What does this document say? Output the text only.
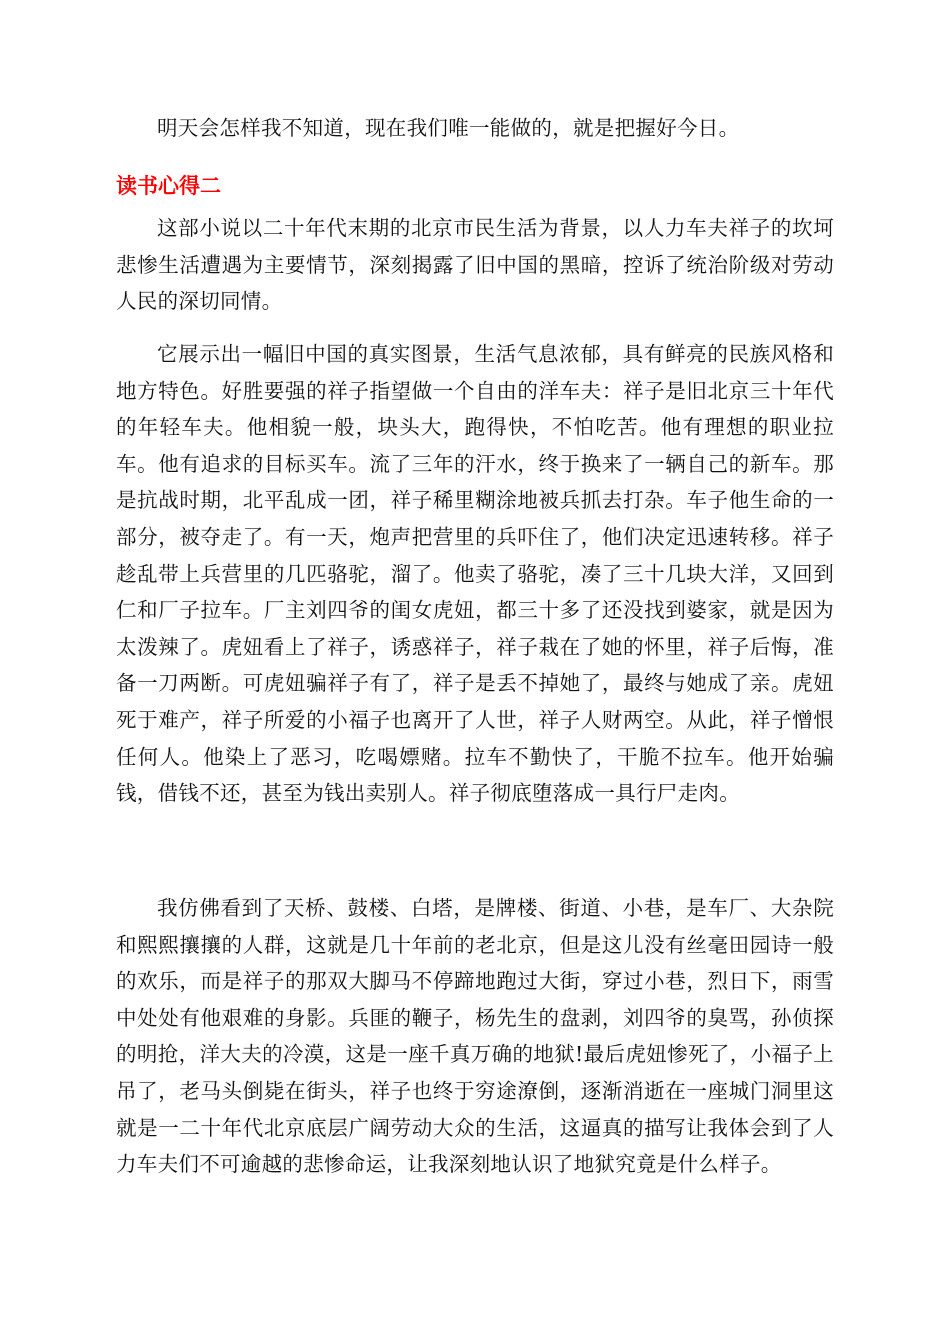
明天会怎样我不知道，现在我们唯一能做的，就是把握好今日。

读书心得二

这部小说以二十年代末期的北京市民生活为背景，以人力车夫祥子的坎坷悲惨生活遭遇为主要情节，深刻揭露了旧中国的黑暗，控诉了统治阶级对劳动人民的深切同情。

它展示出一幅旧中国的真实图景，生活气息浓郁，具有鲜亮的民族风格和地方特色。好胜要强的祥子指望做一个自由的洋车夫：祥子是旧北京三十年代的年轻车夫。他相貌一般，块头大，跑得快，不怕吃苦。他有理想的职业拉车。他有追求的目标买车。流了三年的汗水，终于换来了一辆自己的新车。那是抗战时期，北平乱成一团，祥子稀里糊涂地被兵抓去打杂。车子他生命的一部分，被夺走了。有一天，炮声把营里的兵吓住了，他们决定迅速转移。祥子趁乱带上兵营里的几匹骆驼，溜了。他卖了骆驼，凑了三十几块大洋，又回到仁和厂子拉车。厂主刘四爷的闺女虎妞，都三十多了还没找到婆家，就是因为太泼辣了。虎妞看上了祥子，诱惑祥子，祥子栽在了她的怀里，祥子后悔，准备一刀两断。可虎妞骗祥子有了，祥子是丢不掉她了，最终与她成了亲。虎妞死于难产，祥子所爱的小福子也离开了人世，祥子人财两空。从此，祥子憎恨任何人。他染上了恶习，吃喝嫖赌。拉车不勤快了，干脆不拉车。他开始骗钱，借钱不还，甚至为钱出卖别人。祥子彻底堕落成一具行尸走肉。

我仿佛看到了天桥、鼓楼、白塔，是牌楼、街道、小巷，是车厂、大杂院和熙熙攘攘的人群，这就是几十年前的老北京，但是这儿没有丝毫田园诗一般的欢乐，而是祥子的那双大脚马不停蹄地跑过大街，穿过小巷，烈日下，雨雪中处处有他艰难的身影。兵匪的鞭子，杨先生的盘剥，刘四爷的臭骂，孙侦探的明抢，洋大夫的冷漠，这是一座千真万确的地狱!最后虎妞惨死了，小福子上吊了，老马头倒毙在街头，祥子也终于穷途潦倒，逐渐消逝在一座城门洞里这就是一二十年代北京底层广阔劳动大众的生活，这逼真的描写让我体会到了人力车夫们不可逾越的悲惨命运，让我深刻地认识了地狱究竟是什么样子。
